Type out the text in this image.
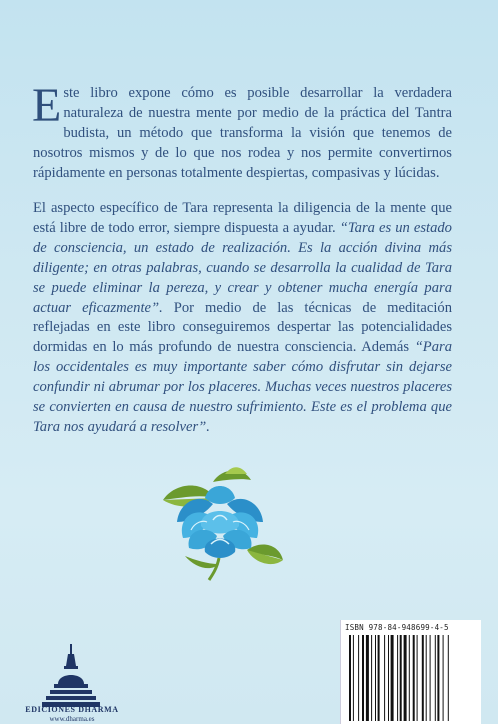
E ste libro expone cómo es posible desarrollar la verdadera naturaleza de nuestra mente por medio de la práctica del Tantra budista, un método que transforma la visión que tenemos de nosotros mismos y de lo que nos rodea y nos permite convertirnos rápidamente en personas totalmente despiertas, compasivas y lúcidas.

El aspecto específico de Tara representa la diligencia de la mente que está libre de todo error, siempre dispuesta a ayudar. “Tara es un estado de consciencia, un estado de realización. Es la acción divina más diligente; en otras palabras, cuando se desarrolla la cualidad de Tara se puede eliminar la pereza, y crear y obtener mucha energía para actuar eficazmente”. Por medio de las técnicas de meditación reflejadas en este libro conseguiremos despertar las potencialidades dormidas en lo más profundo de nuestra consciencia. Además “Para los occidentales es muy importante saber cómo disfrutar sin dejarse confundir ni abrumar por los placeres. Muchas veces nuestros placeres se convierten en causa de nuestro sufrimiento. Este es el problema que Tara nos ayudará a resolver”.

EDICIONES DHARMA
www.dharma.es
ISBN 978-84-948699-4-5
